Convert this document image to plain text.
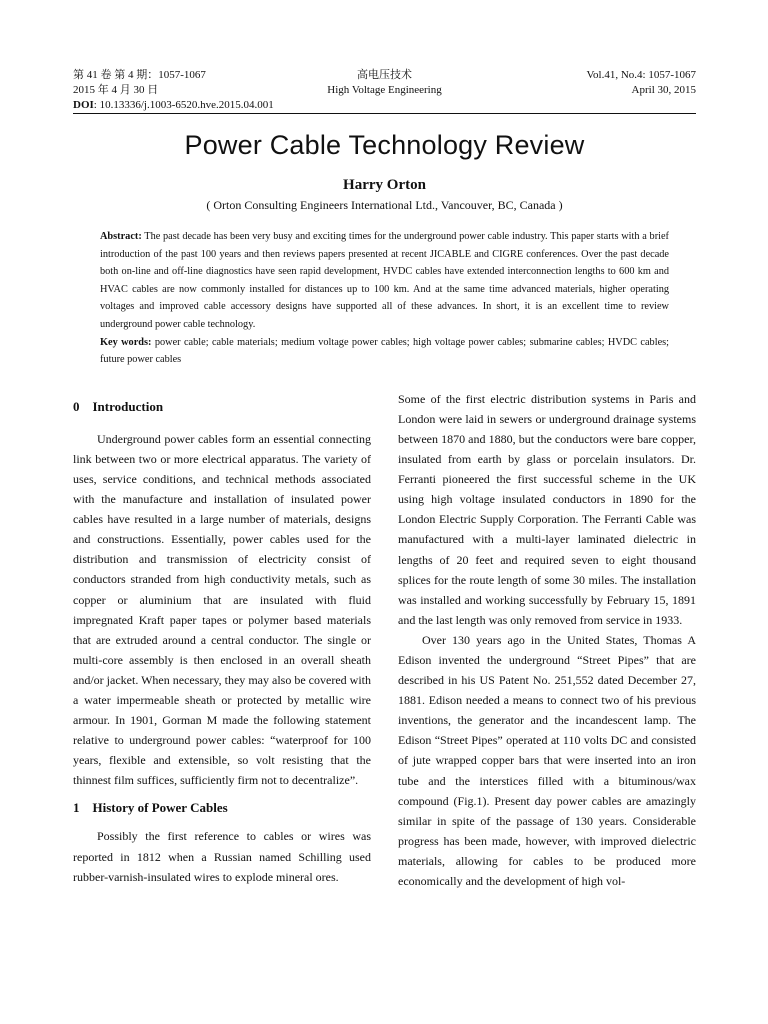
第 41 卷 第 4 期：1057-1067	高电压技术	Vol.41, No.4: 1057-1067
2015 年 4 月 30 日	High Voltage Engineering	April 30, 2015
DOI: 10.13336/j.1003-6520.hve.2015.04.001
Power Cable Technology Review
Harry Orton
( Orton Consulting Engineers International Ltd., Vancouver, BC, Canada )
Abstract: The past decade has been very busy and exciting times for the underground power cable industry. This paper starts with a brief introduction of the past 100 years and then reviews papers presented at recent JICABLE and CIGRE conferences. Over the past decade both on-line and off-line diagnostics have seen rapid development, HVDC cables have extended interconnection lengths to 600 km and HVAC cables are now commonly installed for distances up to 100 km. And at the same time advanced materials, higher operating voltages and improved cable accessory designs have supported all of these advances. In short, it is an excellent time to review underground power cable technology.
Key words: power cable; cable materials; medium voltage power cables; high voltage power cables; submarine cables; HVDC cables; future power cables
0　Introduction

Underground power cables form an essential connecting link between two or more electrical apparatus. The variety of uses, service conditions, and technical methods associated with the manufacture and installation of insulated power cables have resulted in a large number of materials, designs and constructions. Essentially, power cables used for the distribution and transmission of electricity consist of conductors stranded from high conductivity metals, such as copper or aluminium that are insulated with fluid impregnated Kraft paper tapes or polymer based materials that are extruded around a central conductor. The single or multi-core assembly is then enclosed in an overall sheath and/or jacket. When necessary, they may also be covered with a water impermeable sheath or protected by metallic wire armour. In 1901, Gorman M made the following statement relative to underground power cables: “waterproof for 100 years, flexible and extensible, so volt resisting that the thinnest film suffices, sufficiently firm not to decentralize”.

1　History of Power Cables

Possibly the first reference to cables or wires was reported in 1812 when a Russian named Schilling used rubber-varnish-insulated wires to explode mineral ores.

Some of the first electric distribution systems in Paris and London were laid in sewers or underground drainage systems between 1870 and 1880, but the conductors were bare copper, insulated from earth by glass or porcelain insulators. Dr. Ferranti pioneered the first successful scheme in the UK using high voltage insulated conductors in 1890 for the London Electric Supply Corporation. The Ferranti Cable was manufactured with a multi-layer laminated dielectric in lengths of 20 feet and required seven to eight thousand splices for the route length of some 30 miles. The installation was installed and working successfully by February 15, 1891 and the last length was only removed from service in 1933.

Over 130 years ago in the United States, Thomas A Edison invented the underground “Street Pipes” that are described in his US Patent No. 251,552 dated December 27, 1881. Edison needed a means to connect two of his previous inventions, the generator and the incandescent lamp. The Edison “Street Pipes” operated at 110 volts DC and consisted of jute wrapped copper bars that were inserted into an iron tube and the interstices filled with a bituminous/wax compound (Fig.1). Present day power cables are amazingly similar in spite of the passage of 130 years. Considerable progress has been made, however, with improved dielectric materials, allowing for cables to be produced more economically and the development of high vol-
